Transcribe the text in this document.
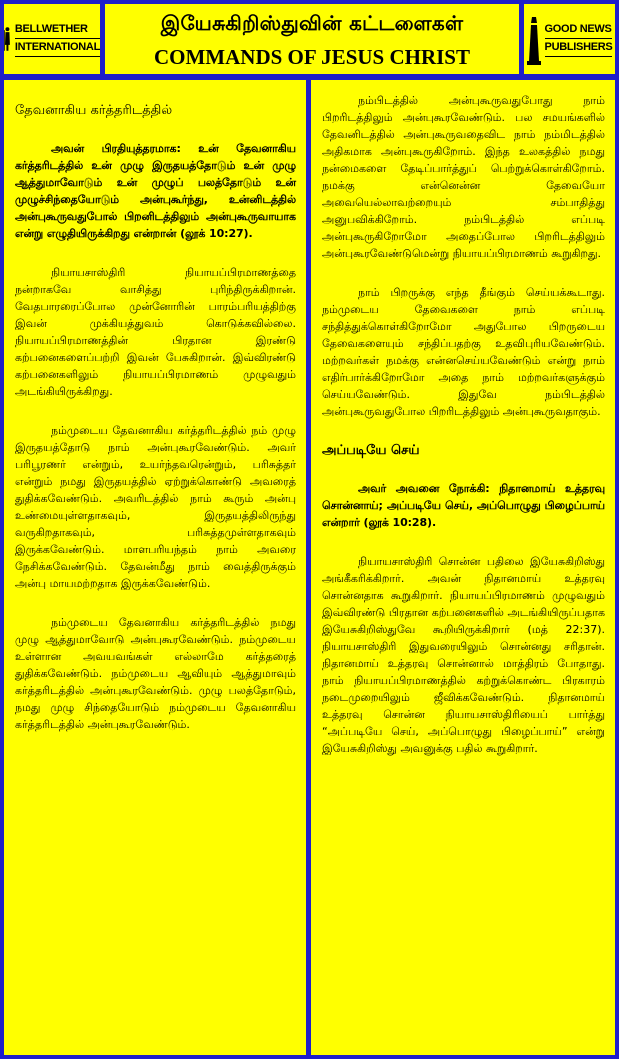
BELLWETHER
INTERNATIONAL
இயேசுகிறிஸ்துவின் கட்டளைகள்
COMMANDS OF JESUS CHRIST
GOOD NEWS
PUBLISHERS
தேவனாகிய கர்த்தரிடத்தில்

அவன் பிரதியுத்தரமாக: உன் தேவனாகிய கர்த்தரிடத்தில் உன் முழு இருதயத்தோடும் உன் முழு ஆத்துமாவோடும் உன் முழுப் பலத்தோடும் உன் முழுச்சிந்தையோடும் அன்புகூர்ந்து, உன்னிடத்தில் அன்புகூருவதுபோல் பிறனிடத்திலும் அன்புகூருவாயாக என்று எழுதியிருக்கிறது என்றான் (லூக் 10:27).

நியாயசாஸ்திரி நியாயப்பிரமாணத்தை நன்றாகவே வாசித்து புரிந்திருக்கிறான். வேதபாரரைப்போல முன்னோரின் பாரம்பரியத்திற்கு இவன் முக்கியத்துவம் கொடுக்கவில்லை. நியாயப்பிரமாணத்தின் பிரதான இரண்டு கற்பனைகளைப்பற்றி இவன் பேசுகிறான். இவ்விரண்டு கற்பனைகளிலும் நியாயப்பிரமாணம் முழுவதும் அடங்கியிருக்கிறது.

நம்முடைய தேவனாகிய கர்த்தரிடத்தில் நம் முழு இருதயத்தோடு நாம் அன்புகூரவேண்டும். அவர் பரிபூரணர் என்றும், உயர்ந்தவரென்றும், பரிசுத்தர் என்றும் நமது இருதயத்தில் ஏற்றுக்கொண்டு அவரைத் துதிக்கவேண்டும். அவரிடத்தில் நாம் கூரும் அன்பு உண்மையுள்ளதாகவும், இருதயத்திலிருந்து வருகிறதாகவும், பரிசுத்தமுள்ளதாகவும் இருக்கவேண்டும். மாளபரியந்தம் நாம் அவரை நேசிக்கவேண்டும். தேவன்மீது நாம் வைத்திருக்கும் அன்பு மாயமற்றதாக இருக்கவேண்டும்.

நம்முடைய தேவனாகிய கர்த்தரிடத்தில் நமது முழு ஆத்துமாவோடு அன்புகூரவேண்டும். நம்முடைய உள்ளான அவயவங்கள் எல்லாமே கர்த்தரைத் துதிக்கவேண்டும். நம்முடைய ஆவியும் ஆத்துமாவும் கர்த்தரிடத்தில் அன்புகூரவேண்டும். முழு பலத்தோடும், நமது முழு சிந்தையோடும் நம்முடைய தேவனாகிய கர்த்தரிடத்தில் அன்புகூரவேண்டும்.

நம்பிடத்தில் அன்புகூருவதுபோது நாம் பிறரிடத்திலும் அன்புகூரவேண்டும். பல சமயங்களில் தேவனிடத்தில் அன்புகூருவதைவிட நாம் நம்மிடத்தில் அதிகமாக அன்புகூருகிறோம். இந்த உலகத்தில் நமது நன்மைகளை தேடிப்பார்த்துப் பெற்றுக்கொள்கிறோம். நமக்கு என்னென்ன தேவையோ அவையெல்லாவற்றையும் சம்பாதித்து அனுபவிக்கிறோம். நம்பிடத்தில் எப்படி அன்புகூருகிறோமோ அதைப்போல பிறரிடத்திலும் அன்புகூரவேண்டுமென்று நியாயப்பிரமாணம் கூறுகிறது.

நாம் பிறருக்கு எந்த தீங்கும் செய்யக்கூடாது. நம்முடைய தேவைகளை நாம் எப்படி சந்தித்துக்கொள்கிறோமோ அதுபோல பிறருடைய தேவைகளையும் சந்திப்பதற்கு உதவிபுரியவேண்டும். மற்றவர்கள் நமக்கு என்னசெய்யவேண்டும் என்று நாம் எதிர்பார்க்கிறோமோ அதை நாம் மற்றவர்களுக்கும் செய்யவேண்டும். இதுவே நம்பிடத்தில் அன்புகூருவதுபோல பிறரிடத்திலும் அன்புகூருவதாகும்.

அப்படியே செய்

அவர் அவனை நோக்கி: நிதானமாய் உத்தரவு சொன்னாய்; அப்படியே செய், அப்பொழுது பிழைப்பாய் என்றார் (லூக் 10:28).

நியாயசாஸ்திரி சொன்ன பதிலை இயேசுகிறிஸ்து அங்கீகரிக்கிறார். அவன் நிதானமாய் உத்தரவு சொன்னதாக கூறுகிறார். நியாயப்பிரமாணம் முழுவதும் இவ்விரண்டு பிரதான கற்பனைகளில் அடங்கியிருப்பதாக இயேசுகிறிஸ்துவே கூறியிருக்கிறார் (மத் 22:37). நியாயசாஸ்திரி இதுவரையிலும் சொன்னது சரிதான். நிதானமாய் உத்தரவு சொன்னால் மாத்திரம் போதாது. நாம் நியாயப்பிரமாணத்தில் கற்றுக்கொண்ட பிரகாரம் நடைமுறையிலும் ஜீவிக்கவேண்டும். நிதானமாய் உத்தரவு சொன்ன நியாயசாஸ்திரியைப் பார்த்து “அப்படியே செய், அப்பொழுது பிழைப்பாய்” என்று இயேசுகிறிஸ்து அவனுக்கு பதில் கூறுகிறார்.
